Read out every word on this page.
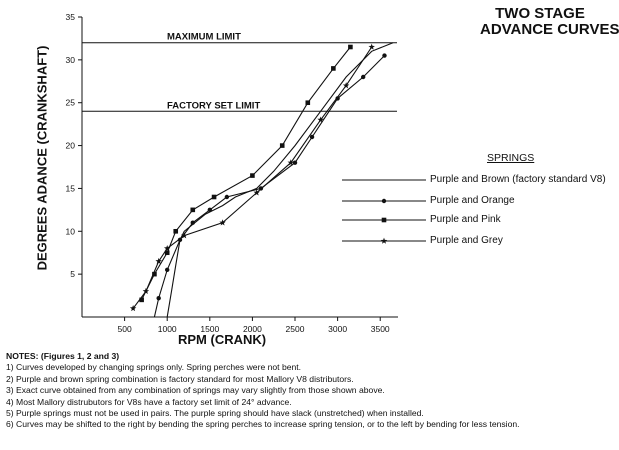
5
10
15
20
25
30
35
500	1000	1500	2000	2500	3000	3500
MAXIMUM LIMIT
FACTORY SET LIMIT
TWO STAGE
ADVANCE CURVES
DEGREES ADANCE (CRANKSHAFT)
RPM (CRANK)
SPRINGS
Purple and Brown (factory standard V8)
Purple and Orange
Purple and Pink
Purple and Grey
NOTES: (Figures 1, 2 and 3)
1) Curves developed by changing springs only. Spring perches were not bent.
2) Purple and brown spring combination is factory standard for most Mallory V8 distributors.
3) Exact curve obtained from any combination of springs may vary slightly from those shown above.
4) Most Mallory distrubutors for V8s have a factory set limit of 24° advance.
5) Purple springs must not be used in pairs. The purple spring should have slack (unstretched) when installed.
6) Curves may be shifted to the right by bending the spring perches to increase spring tension, or to the left by bending for less tension.
